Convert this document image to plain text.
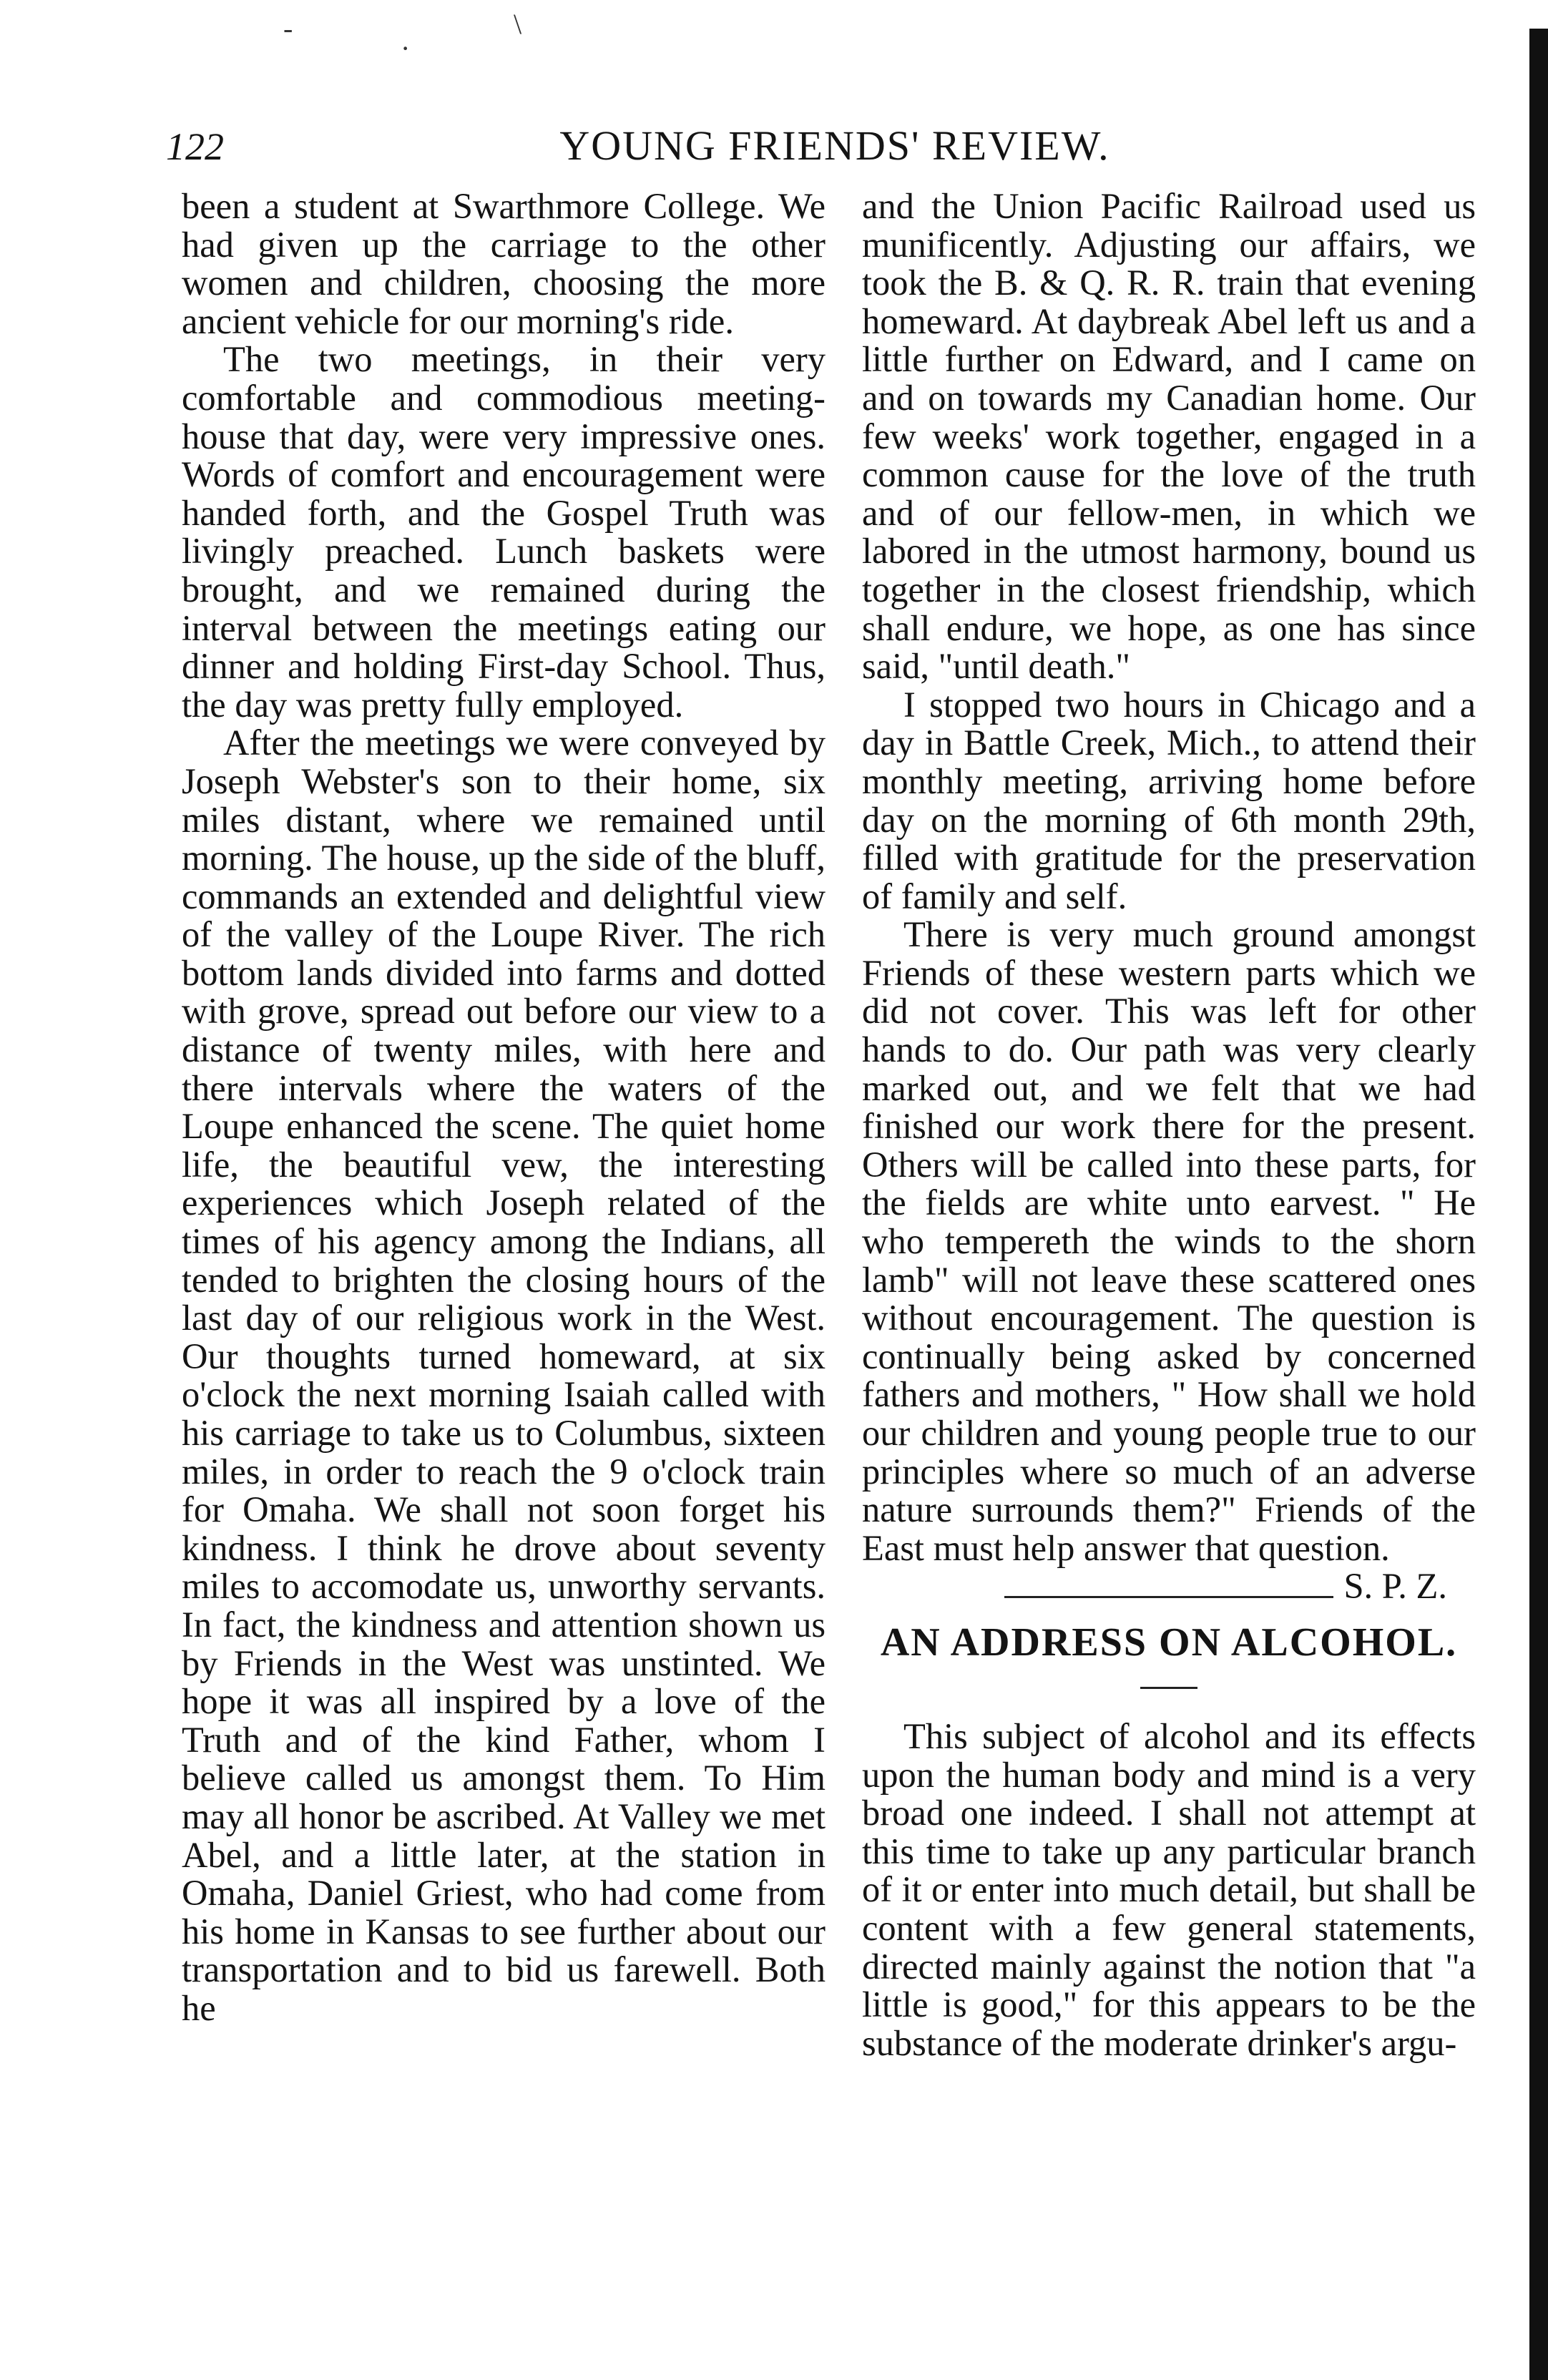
-
·
\
122	YOUNG FRIENDS' REVIEW.

been a student at Swarthmore College. We had given up the carriage to the other women and children, choosing the more ancient vehicle for our morning's ride.

The two meetings, in their very comfortable and commodious meeting-house that day, were very impressive ones. Words of comfort and encouragement were handed forth, and the Gospel Truth was livingly preached. Lunch baskets were brought, and we remained during the interval between the meetings eating our dinner and holding First-day School. Thus, the day was pretty fully employed.

After the meetings we were conveyed by Joseph Webster's son to their home, six miles distant, where we remained until morning. The house, up the side of the bluff, commands an extended and delightful view of the valley of the Loupe River. The rich bottom lands divided into farms and dotted with grove, spread out before our view to a distance of twenty miles, with here and there intervals where the waters of the Loupe enhanced the scene. The quiet home life, the beautiful vew, the interesting experiences which Joseph related of the times of his agency among the Indians, all tended to brighten the closing hours of the last day of our religious work in the West. Our thoughts turned homeward, at six o'clock the next morning Isaiah called with his carriage to take us to Columbus, sixteen miles, in order to reach the 9 o'clock train for Omaha. We shall not soon forget his kindness. I think he drove about seventy miles to accomodate us, unworthy servants. In fact, the kindness and attention shown us by Friends in the West was unstinted. We hope it was all inspired by a love of the Truth and of the kind Father, whom I believe called us amongst them. To Him may all honor be ascribed. At Valley we met Abel, and a little later, at the station in Omaha, Daniel Griest, who had come from his home in Kansas to see further about our transportation and to bid us farewell. Both he

and the Union Pacific Railroad used us munificently. Adjusting our affairs, we took the B. & Q. R. R. train that evening homeward. At daybreak Abel left us and a little further on Edward, and I came on and on towards my Canadian home. Our few weeks' work together, engaged in a common cause for the love of the truth and of our fellow-men, in which we labored in the utmost harmony, bound us together in the closest friendship, which shall endure, we hope, as one has since said, "until death."

I stopped two hours in Chicago and a day in Battle Creek, Mich., to attend their monthly meeting, arriving home before day on the morning of 6th month 29th, filled with gratitude for the preservation of family and self.

There is very much ground amongst Friends of these western parts which we did not cover. This was left for other hands to do. Our path was very clearly marked out, and we felt that we had finished our work there for the present. Others will be called into these parts, for the fields are white unto earvest. " He who tempereth the winds to the shorn lamb" will not leave these scattered ones without encouragement. The question is continually being asked by concerned fathers and mothers, " How shall we hold our children and young people true to our principles where so much of an adverse nature surrounds them?" Friends of the East must help answer that question.
S. P. Z.

AN ADDRESS ON ALCOHOL.

This subject of alcohol and its effects upon the human body and mind is a very broad one indeed. I shall not attempt at this time to take up any particular branch of it or enter into much detail, but shall be content with a few general statements, directed mainly against the notion that "a little is good," for this appears to be the substance of the moderate drinker's argu-
